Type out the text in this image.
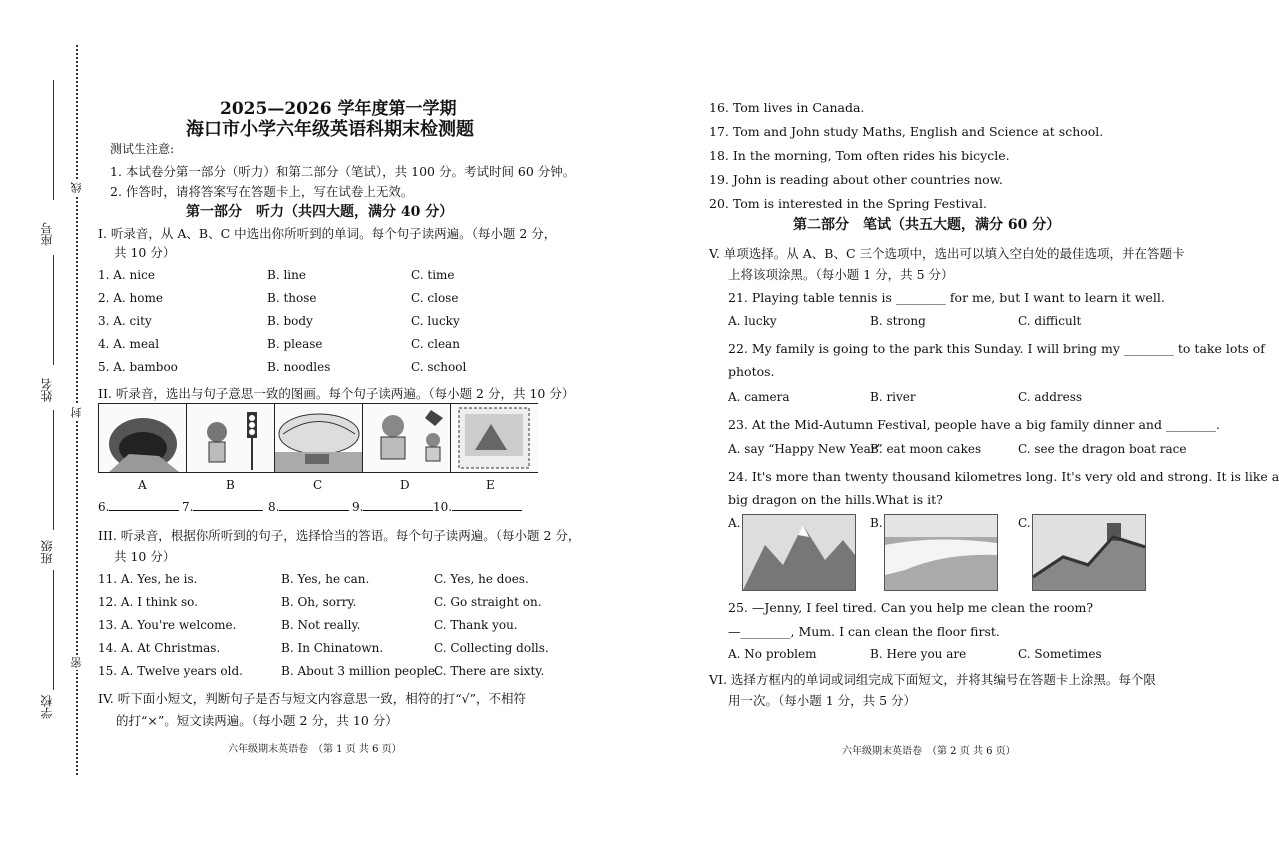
座号
姓名
班级
学校
线
封
密
2025—2026 学年度第一学期
海口市小学六年级英语科期末检测题
测试生注意:
1. 本试卷分第一部分（听力）和第二部分（笔试），共 100 分。考试时间 60 分钟。
2. 作答时，请将答案写在答题卡上，写在试卷上无效。
第一部分　听力（共四大题，满分 40 分）
I. 听录音，从 A、B、C 中选出你所听到的单词。每个句子读两遍。（每小题 2 分，
共 10 分）
1. A. nice	B. line	C. time
2. A. home	B. those	C. close
3. A. city	B. body	C. lucky
4. A. meal	B. please	C. clean
5. A. bamboo	B. noodles	C. school
II. 听录音，选出与句子意思一致的图画。每个句子读两遍。（每小题 2 分，共 10 分）
A	B	C	D	E
6.	7.	8.	9.	10.
III. 听录音，根据你所听到的句子，选择恰当的答语。每个句子读两遍。（每小题 2 分，
共 10 分）
11. A. Yes, he is.	B. Yes, he can.	C. Yes, he does.
12. A. I think so.	B. Oh, sorry.	C. Go straight on.
13. A. You're welcome.	B. Not really.	C. Thank you.
14. A. At Christmas.	B. In Chinatown.	C. Collecting dolls.
15. A. Twelve years old.	B. About 3 million people.
C. There are sixty.
IV. 听下面小短文，判断句子是否与短文内容意思一致，相符的打“√”，不相符
的打“×”。短文读两遍。（每小题 2 分，共 10 分）
六年级期末英语卷　（第 1 页 共 6 页）
16. Tom lives in Canada.
17. Tom and John study Maths, English and Science at school.
18. In the morning, Tom often rides his bicycle.
19. John is reading about other countries now.
20. Tom is interested in the Spring Festival.
第二部分　笔试（共五大题，满分 60 分）
V. 单项选择。从 A、B、C 三个选项中，选出可以填入空白处的最佳选项，并在答题卡
上将该项涂黑。（每小题 1 分，共 5 分）
21. Playing table tennis is ________ for me, but I want to learn it well.
A. lucky	B. strong	C. difficult
22. My family is going to the park this Sunday. I will bring my ________ to take lots of
photos.
A. camera	B. river	C. address
23. At the Mid-Autumn Festival, people have a big family dinner and ________.
A. say “Happy New Year”
B. eat moon cakes	C. see the dragon boat race
24. It's more than twenty thousand kilometres long. It's very old and strong. It is like a
big dragon on the hills.What is it?
A.	B.	C.
25. —Jenny, I feel tired. Can you help me clean the room?
—________, Mum. I can clean the floor first.
A. No problem	B. Here you are	C. Sometimes
VI. 选择方框内的单词或词组完成下面短文，并将其编号在答题卡上涂黑。每个限
用一次。（每小题 1 分，共 5 分）
六年级期末英语卷　（第 2 页 共 6 页）
